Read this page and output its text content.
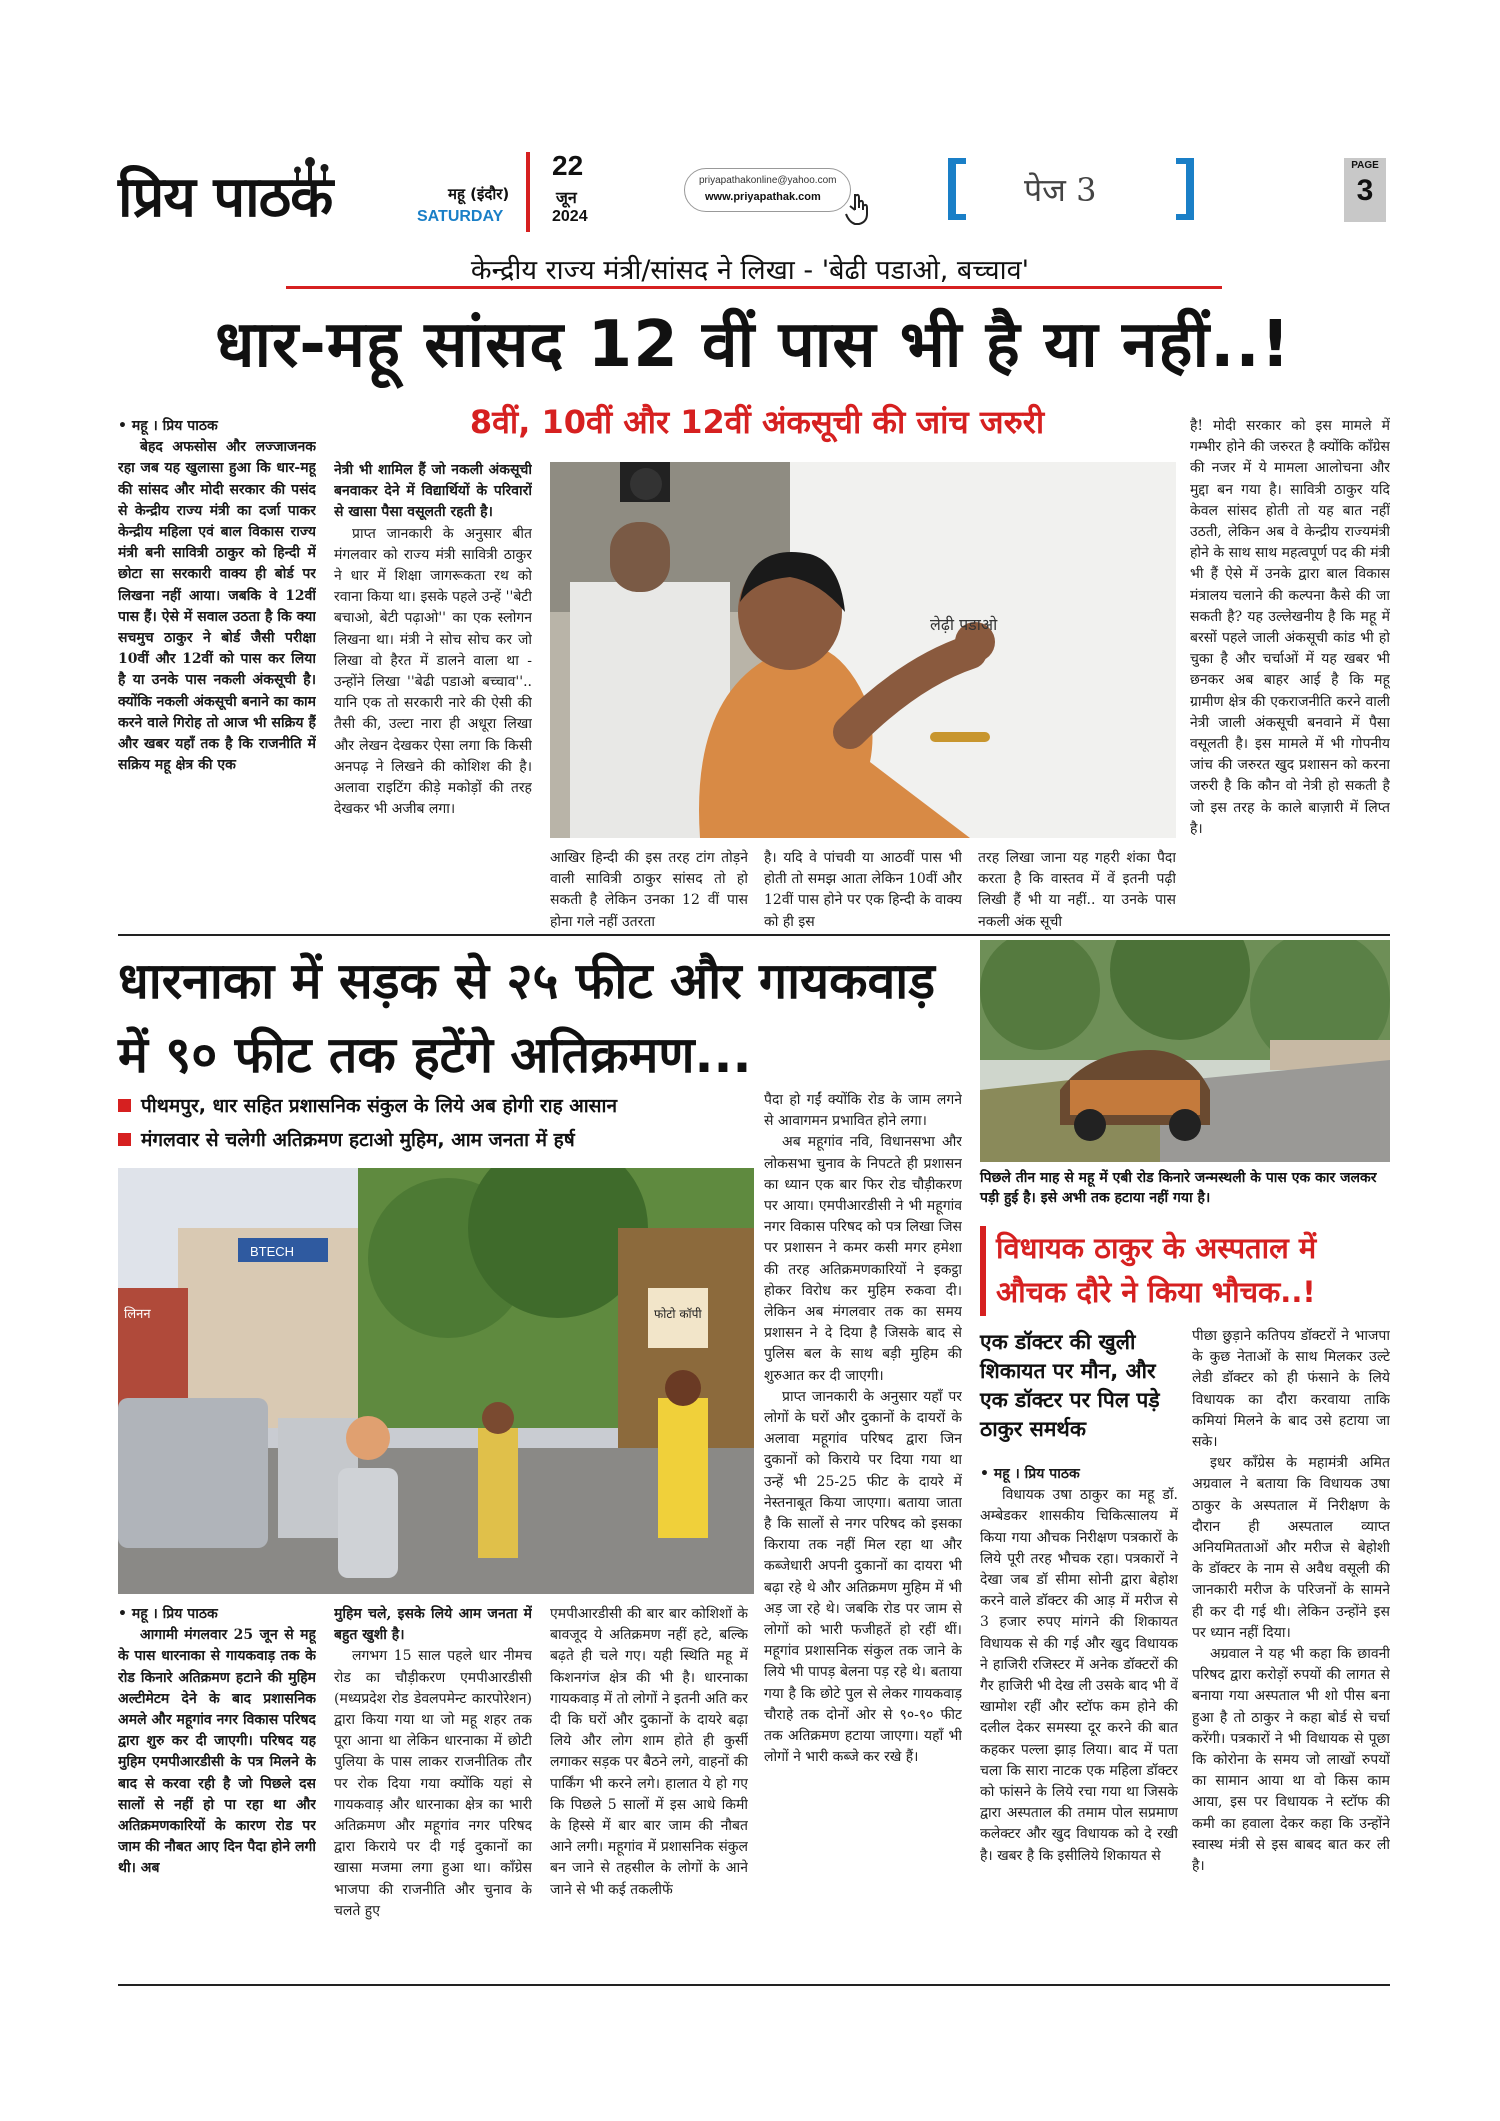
प्रिय पाठक	महू (इंदौर)
SATURDAY
22
जून
2024
priyapathakonline@yahoo.com
www.priyapathak.com	पेज 3
PAGE
3
केन्द्रीय राज्य मंत्री/सांसद ने लिखा - 'बेढी पडाओ, बच्चाव'
धार-महू सांसद 12 वीं पास भी है या नहीं..!
8वीं, 10वीं और 12वीं अंकसूची की जांच जरुरी
• महू । प्रिय पाठक
बेहद अफसोस और लज्जाजनक रहा जब यह खुलासा हुआ कि धार-महू की सांसद और मोदी सरकार की पसंद से केन्द्रीय राज्य मंत्री का दर्जा पाकर केन्द्रीय महिला एवं बाल विकास राज्य मंत्री बनी सावित्री ठाकुर को हिन्दी में छोटा सा सरकारी वाक्य ही बोर्ड पर लिखना नहीं आया। जबकि वे 12वीं पास हैं। ऐसे में सवाल उठता है कि क्या सचमुच ठाकुर ने बोर्ड जैसी परीक्षा 10वीं और 12वीं को पास कर लिया है या उनके पास नकली अंकसूची है। क्योंकि नकली अंकसूची बनाने का काम करने वाले गिरोह तो आज भी सक्रिय हैं और खबर यहाँ तक है कि राजनीति में सक्रिय महू क्षेत्र की एक
नेत्री भी शामिल हैं जो नकली अंकसूची बनवाकर देने में विद्यार्थियों के परिवारों से खासा पैसा वसूलती रहती है।
प्राप्त जानकारी के अनुसार बीत मंगलवार को राज्य मंत्री सावित्री ठाकुर ने धार में शिक्षा जागरूकता रथ को रवाना किया था। इसके पहले उन्हें ''बेटी बचाओ, बेटी पढ़ाओ'' का एक स्लोगन लिखना था। मंत्री ने सोच सोच कर जो लिखा वो हैरत में डालने वाला था - उन्होंने लिखा ''बेढी पडाओ बच्चाव''.. यानि एक तो सरकारी नारे की ऐसी की तैसी की, उल्टा नारा ही अधूरा लिखा और लेखन देखकर ऐसा लगा कि किसी अनपढ़ ने लिखने की कोशिश की है। अलावा राइटिंग कीड़े मकोड़ों की तरह देखकर भी अजीब लगा।
लेढ़ी पडाओ
आखिर हिन्दी की इस तरह टांग तोड़ने वाली सावित्री ठाकुर सांसद तो हो सकती है लेकिन उनका 12 वीं पास होना गले नहीं उतरता
है। यदि वे पांचवी या आठवीं पास भी होती तो समझ आता लेकिन 10वीं और 12वीं पास होने पर एक हिन्दी के वाक्य को ही इस
तरह लिखा जाना यह गहरी शंका पैदा करता है कि वास्तव में वें इतनी पढ़ी लिखी हैं भी या नहीं.. या उनके पास नकली अंक सूची
है! मोदी सरकार को इस मामले में गम्भीर होने की जरुरत है क्योंकि कॉंग्रेस की नजर में ये मामला आलोचना और मुद्दा बन गया है। सावित्री ठाकुर यदि केवल सांसद होती तो यह बात नहीं उठती, लेकिन अब वे केन्द्रीय राज्यमंत्री होने के साथ साथ महत्वपूर्ण पद की मंत्री भी हैं ऐसे में उनके द्वारा बाल विकास मंत्रालय चलाने की कल्पना कैसे की जा सकती है? यह उल्लेखनीय है कि महू में बरसों पहले जाली अंकसूची कांड भी हो चुका है और चर्चाओं में यह खबर भी छनकर अब बाहर आई है कि महू ग्रामीण क्षेत्र की एकराजनीति करने वाली नेत्री जाली अंकसूची बनवाने में पैसा वसूलती है। इस मामले में भी गोपनीय जांच की जरुरत खुद प्रशासन को करना जरुरी है कि कौन वो नेत्री हो सकती है जो इस तरह के काले बाज़ारी में लिप्त है।
धारनाका में सड़क से २५ फीट और गायकवाड़ में ९० फीट तक हटेंगे अतिक्रमण...
पीथमपुर, धार सहित प्रशासनिक संकुल के लिये अब होगी राह आसान
मंगलवार से चलेगी अतिक्रमण हटाओ मुहिम, आम जनता में हर्ष
BTECH
लिनन	फोटो कॉपी
• महू । प्रिय पाठक
आगामी मंगलवार 25 जून से महू के पास धारनाका से गायकवाड़ तक के रोड किनारे अतिक्रमण हटाने की मुहिम अल्टीमेटम देने के बाद प्रशासनिक अमले और महूगांव नगर विकास परिषद द्वारा शुरु कर दी जाएगी। परिषद यह मुहिम एमपीआरडीसी के पत्र मिलने के बाद से करवा रही है जो पिछले दस सालों से नहीं हो पा रहा था और अतिक्रमणकारियों के कारण रोड पर जाम की नौबत आए दिन पैदा होने लगी थी। अब
मुहिम चले, इसके लिये आम जनता में बहुत खुशी है।
लगभग 15 साल पहले धार नीमच रोड का चौड़ीकरण एमपीआरडीसी (मध्यप्रदेश रोड डेवलपमेन्ट कारपोरेशन) द्वारा किया गया था जो महू शहर तक पूरा आना था लेकिन धारनाका में छोटी पुलिया के पास लाकर राजनीतिक तौर पर रोक दिया गया क्योंकि यहां से गायकवाड़ और धारनाका क्षेत्र का भारी अतिक्रमण और महूगांव नगर परिषद द्वारा किराये पर दी गई दुकानों का खासा मजमा लगा हुआ था। कॉंग्रेस भाजपा की राजनीति और चुनाव के चलते हुए
एमपीआरडीसी की बार बार कोशिशों के बावजूद ये अतिक्रमण नहीं हटे, बल्कि बढ़ते ही चले गए। यही स्थिति महू में किशनगंज क्षेत्र की भी है। धारनाका गायकवाड़ में तो लोगों ने इतनी अति कर दी कि घरों और दुकानों के दायरे बढ़ा लिये और लोग शाम होते ही कुर्सी लगाकर सड़क पर बैठने लगे, वाहनों की पार्किंग भी करने लगे। हालात ये हो गए कि पिछले 5 सालों में इस आधे किमी के हिस्से में बार बार जाम की नौबत आने लगी। महूगांव में प्रशासनिक संकुल बन जाने से तहसील के लोगों के आने जाने से भी कई तकलीफें
पैदा हो गईं क्योंकि रोड के जाम लगने से आवागमन प्रभावित होने लगा।
अब महूगांव नवि, विधानसभा और लोकसभा चुनाव के निपटते ही प्रशासन का ध्यान एक बार फिर रोड चौड़ीकरण पर आया। एमपीआरडीसी ने भी महूगांव नगर विकास परिषद को पत्र लिखा जिस पर प्रशासन ने कमर कसी मगर हमेशा की तरह अतिक्रमणकारियों ने इकट्ठा होकर विरोध कर मुहिम रुकवा दी। लेकिन अब मंगलवार तक का समय प्रशासन ने दे दिया है जिसके बाद से पुलिस बल के साथ बड़ी मुहिम की शुरुआत कर दी जाएगी।
प्राप्त जानकारी के अनुसार यहाँ पर लोगों के घरों और दुकानों के दायरों के अलावा महूगांव परिषद द्वारा जिन दुकानों को किराये पर दिया गया था उन्हें भी 25-25 फीट के दायरे में नेस्तनाबूत किया जाएगा। बताया जाता है कि सालों से नगर परिषद को इसका किराया तक नहीं मिल रहा था और कब्जेधारी अपनी दुकानों का दायरा भी बढ़ा रहे थे और अतिक्रमण मुहिम में भी अड़ जा रहे थे। जबकि रोड पर जाम से लोगों को भारी फजीहतें हो रहीं थीं। महूगांव प्रशासनिक संकुल तक जाने के लिये भी पापड़ बेलना पड़ रहे थे। बताया गया है कि छोटे पुल से लेकर गायकवाड़ चौराहे तक दोनों ओर से ९०-९० फीट तक अतिक्रमण हटाया जाएगा। यहाँ भी लोगों ने भारी कब्जे कर रखे हैं।
पिछले तीन माह से महू में एबी रोड किनारे जन्मस्थली के पास एक कार जलकर पड़ी हुई है। इसे अभी तक हटाया नहीं गया है।
विधायक ठाकुर के अस्पताल में औचक दौरे ने किया भौचक..!
एक डॉक्टर की खुली शिकायत पर मौन, और एक डॉक्टर पर पिल पड़े ठाकुर समर्थक
• महू । प्रिय पाठक
विधायक उषा ठाकुर का महू डॉ. अम्बेडकर शासकीय चिकित्सालय में किया गया औचक निरीक्षण पत्रकारों के लिये पूरी तरह भौचक रहा। पत्रकारों ने देखा जब डॉ सीमा सोनी द्वारा बेहोश करने वाले डॉक्टर की आड़ में मरीज से 3 हजार रुपए मांगने की शिकायत विधायक से की गई और खुद विधायक ने हाजिरी रजिस्टर में अनेक डॉक्टरों की गैर हाजिरी भी देख ली उसके बाद भी वें खामोश रहीं और स्टॉफ कम होने की दलील देकर समस्या दूर करने की बात कहकर पल्ला झाड़ लिया। बाद में पता चला कि सारा नाटक एक महिला डॉक्टर को फांसने के लिये रचा गया था जिसके द्वारा अस्पताल की तमाम पोल सप्रमाण कलेक्टर और खुद विधायक को दे रखी है। खबर है कि इसीलिये शिकायत से
पीछा छुड़ाने कतिपय डॉक्टरों ने भाजपा के कुछ नेताओं के साथ मिलकर उल्टे लेडी डॉक्टर को ही फंसाने के लिये विधायक का दौरा करवाया ताकि कमियां मिलने के बाद उसे हटाया जा सके।
इधर कॉंग्रेस के महामंत्री अमित अग्रवाल ने बताया कि विधायक उषा ठाकुर के अस्पताल में निरीक्षण के दौरान ही अस्पताल व्याप्त अनियमितताओं और मरीज से बेहोशी के डॉक्टर के नाम से अवैध वसूली की जानकारी मरीज के परिजनों के सामने ही कर दी गई थी। लेकिन उन्होंने इस पर ध्यान नहीं दिया।
अग्रवाल ने यह भी कहा कि छावनी परिषद द्वारा करोड़ों रुपयों की लागत से बनाया गया अस्पताल भी शो पीस बना हुआ है तो ठाकुर ने कहा बोर्ड से चर्चा करेंगी। पत्रकारों ने भी विधायक से पूछा कि कोरोना के समय जो लाखों रुपयों का सामान आया था वो किस काम आया, इस पर विधायक ने स्टॉफ की कमी का हवाला देकर कहा कि उन्होंने स्वास्थ मंत्री से इस बाबद बात कर ली है।
